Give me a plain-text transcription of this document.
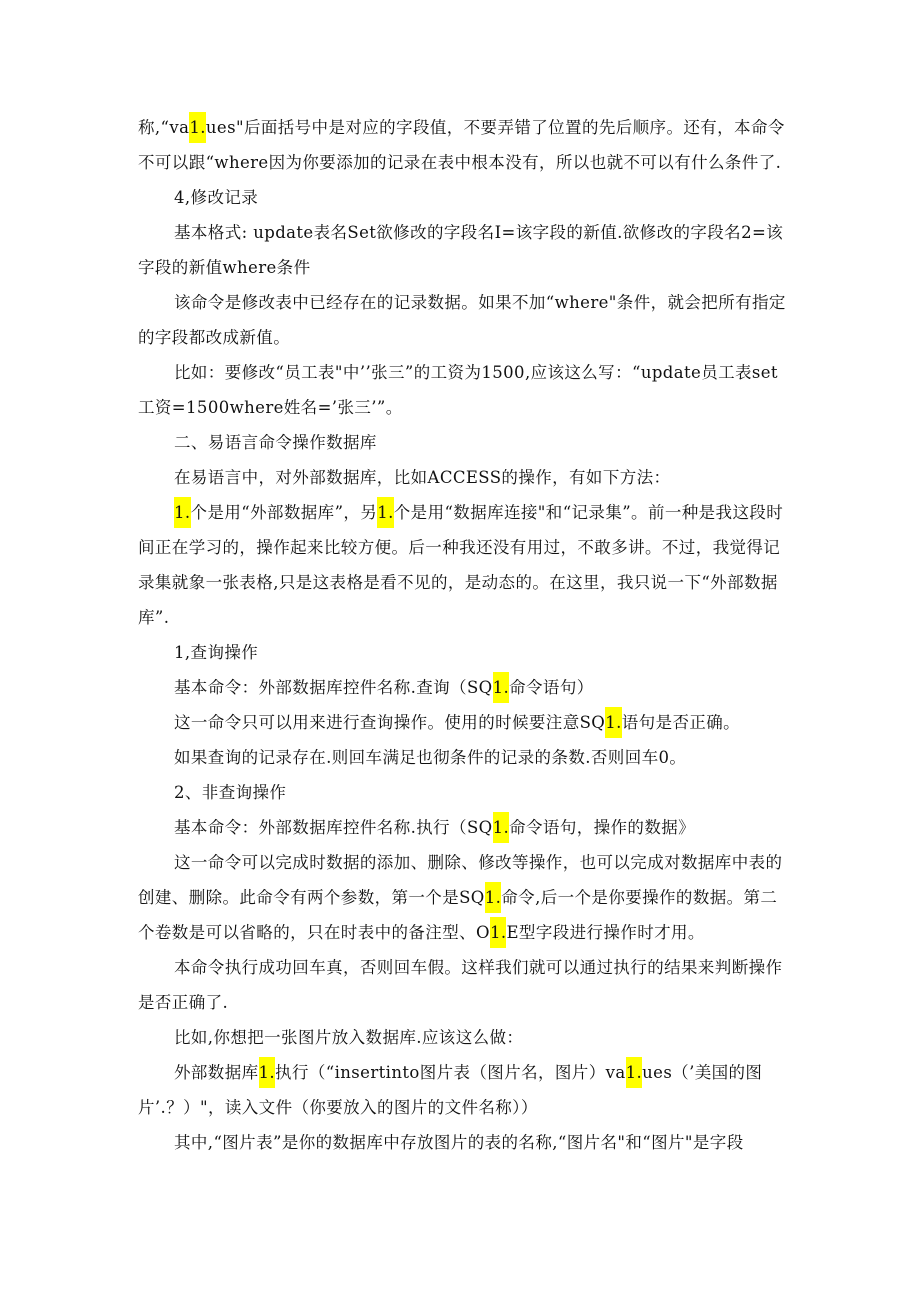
称,“va1.ues"后面括号中是对应的字段值，不要弄错了位置的先后顺序。还有，本命令不可以跟“where因为你要添加的记录在表中根本没有，所以也就不可以有什么条件了.

4,修改记录

基本格式: update表名Set欲修改的字段名I=该字段的新值.欲修改的字段名2=该字段的新值where条件

该命令是修改表中已经存在的记录数据。如果不加“where"条件，就会把所有指定的字段都改成新值。

比如：要修改“员工表"中’’张三”的工资为1500,应该这么写：“update员工表set工资=1500where姓名=’张三’”。

二、易语言命令操作数据库

在易语言中，对外部数据库，比如ACCESS的操作，有如下方法：

1.个是用“外部数据库”，另1.个是用“数据库连接"和“记录集”。前一种是我这段时间正在学习的，操作起来比较方便。后一种我还没有用过，不敢多讲。不过，我觉得记录集就象一张表格,只是这表格是看不见的，是动态的。在这里，我只说一下“外部数据库”.

1,查询操作

基本命令：外部数据库控件名称.查询（SQ1.命令语句）

这一命令只可以用来进行查询操作。使用的时候要注意SQ1.语句是否正确。

如果查询的记录存在.则回车满足也彻条件的记录的条数.否则回车0。

2、非查询操作

基本命令：外部数据库控件名称.执行（SQ1.命令语句，操作的数据》

这一命令可以完成时数据的添加、删除、修改等操作，也可以完成对数据库中表的创建、删除。此命令有两个参数，第一个是SQ1.命令,后一个是你要操作的数据。第二个卷数是可以省略的，只在时表中的备注型、O1.E型字段进行操作时才用。

本命令执行成功回车真，否则回车假。这样我们就可以通过执行的结果来判断操作是否正确了.

比如,你想把一张图片放入数据库.应该这么做：

外部数据库1.执行（“insertinto图片表（图片名，图片）va1.ues（’美国的图片’.？）"，读入文件（你要放入的图片的文件名称））

其中,“图片表”是你的数据库中存放图片的表的名称,“图片名"和“图片"是字段
